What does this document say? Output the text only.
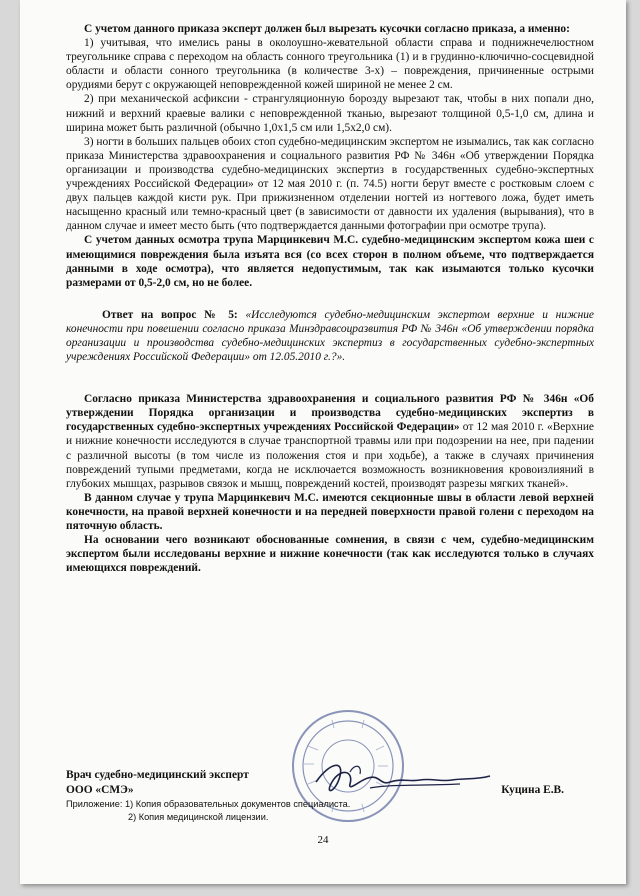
С учетом данного приказа эксперт должен был вырезать кусочки согласно приказа, а именно:

1) учитывая, что имелись раны в околоушно-жевательной области справа и поднижнечелюстном треугольнике справа с переходом на область сонного треугольника (1) и в грудинно-ключично-сосцевидной области и области сонного треугольника (в количестве 3-х) – повреждения, причиненные острыми орудиями берут с окружающей неповрежденной кожей шириной не менее 2 см.

2) при механической асфиксии - странгуляционную борозду вырезают так, чтобы в них попали дно, нижний и верхний краевые валики с неповрежденной тканью, вырезают толщиной 0,5-1,0 см, длина и ширина может быть различной (обычно 1,0х1,5 см или 1,5х2,0 см).

3) ногти в больших пальцев обоих стоп судебно-медицинским экспертом не изымались, так как согласно приказа Министерства здравоохранения и социального развития РФ № 346н «Об утверждении Порядка организации и производства судебно-медицинских экспертиз в государственных судебно-экспертных учреждениях Российской Федерации» от 12 мая 2010 г. (п. 74.5) ногти берут вместе с ростковым слоем с двух пальцев каждой кисти рук. При прижизненном отделении ногтей из ногтевого ложа, будет иметь насыщенно красный или темно-красный цвет (в зависимости от давности их удаления (вырывания), что в данном случае и имеет место быть (что подтверждается данными фотографии при осмотре трупа).

С учетом данных осмотра трупа Марцинкевич М.С. судебно-медицинским экспертом кожа шеи с имеющимися повреждения была изъята вся (со всех сторон в полном объеме, что подтверждается данными в ходе осмотра), что является недопустимым, так как изымаются только кусочки размерами от 0,5-2,0 см, но не более.

Ответ на вопрос № 5: «Исследуются судебно-медицинским экспертом верхние и нижние конечности при повешении согласно приказа Минздравсоцразвития РФ № 346н «Об утверждении порядка организации и производства судебно-медицинских экспертиз в государственных судебно-экспертных учреждениях Российской Федерации» от 12.05.2010 г.?».

Согласно приказа Министерства здравоохранения и социального развития РФ № 346н «Об утверждении Порядка организации и производства судебно-медицинских экспертиз в государственных судебно-экспертных учреждениях Российской Федерации» от 12 мая 2010 г. «Верхние и нижние конечности исследуются в случае транспортной травмы или при подозрении на нее, при падении с различной высоты (в том числе из положения стоя и при ходьбе), а также в случаях причинения повреждений тупыми предметами, когда не исключается возможность возникновения кровоизлияний в глубоких мышцах, разрывов связок и мышц, повреждений костей, производят разрезы мягких тканей».

В данном случае у трупа Марцинкевич М.С. имеются секционные швы в области левой верхней конечности, на правой верхней конечности и на передней поверхности правой голени с переходом на пяточную область.

На основании чего возникают обоснованные сомнения, в связи с чем, судебно-медицинским экспертом были исследованы верхние и нижние конечности (так как исследуются только в случаях имеющихся повреждений.

Врач судебно-медицинский эксперт
ООО «СМЭ»	Куцина Е.В.
Приложение: 1) Копия образовательных документов специалиста.
2) Копия медицинской лицензии.
24
